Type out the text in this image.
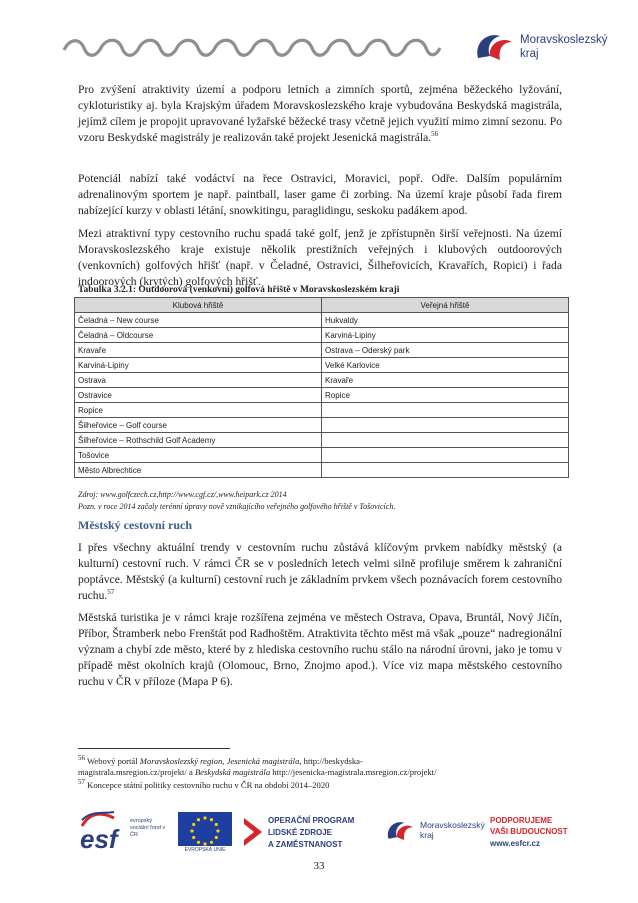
Moravskoslezský kraj

Pro zvýšení atraktivity území a podporu letních a zimních sportů, zejména běžeckého lyžování, cykloturistiky aj. byla Krajským úřadem Moravskoslezského kraje vybudována Beskydská magistrála, jejímž cílem je propojit upravované lyžařské běžecké trasy včetně jejich využití mimo zimní sezonu. Po vzoru Beskydské magistrály je realizován také projekt Jesenická magistrála.$^{56}$

Potenciál nabízí také vodáctví na řece Ostravici, Moravici, popř. Odře. Dalším populárním adrenalinovým sportem je např. paintball, laser game či zorbing. Na území kraje působí řada firem nabízející kurzy v oblasti létání, snowkitingu, paraglidingu, seskoku padákem apod.

Mezi atraktivní typy cestovního ruchu spadá také golf, jenž je zpřístupněn širší veřejnosti. Na území Moravskoslezského kraje existuje několik prestižních veřejných i klubových outdoorových (venkovních) golfových hřišť (např. v Čeladné, Ostravici, Šilheřovicích, Kravařích, Ropici) i řada indoorových (krytých) golfových hřišť.

Tabulka 3.2.1: Outdoorová (venkovní) golfová hřiště v Moravskoslezském kraji
Klubová hřiště	Veřejná hřiště
Čeladná – New course	Hukvaldy
Čeladná – Oldcourse	Karviná-Lipiny
Kravaře	Ostrava – Oderský park
Karviná-Lipiny	Velké Karlovice
Ostrava	Kravaře
Ostravice	Ropice
Ropice	
Šilheřovice – Golf course	
Šilheřovice – Rothschild Golf Academy	
Tošovice	
Město Albrechtice	
Zdroj: www.golfczech.cz,http://www.cgf.cz/,www.heipark.cz 2014
Pozn. v roce 2014 začaly terénní úpravy nově vznikajícího veřejného golfového hřiště v Tošovicích.
Městský cestovní ruch

I přes všechny aktuální trendy v cestovním ruchu zůstává klíčovým prvkem nabídky městský (a kulturní) cestovní ruch. V rámci ČR se v posledních letech velmi silně profiluje směrem k zahraniční poptávce. Městský (a kulturní) cestovní ruch je základním prvkem všech poznávacích forem cestovního ruchu.$^{57}$

Městská turistika je v rámci kraje rozšířena zejména ve městech Ostrava, Opava, Bruntál, Nový Jičín, Příbor, Štramberk nebo Frenštát pod Radhoštěm. Atraktivita těchto měst má však „pouze“ nadregionální význam a chybí zde město, které by z hlediska cestovního ruchu stálo na národní úrovni, jako je tomu v případě měst okolních krajů (Olomouc, Brno, Znojmo apod.). Více viz mapa městského cestovního ruchu v ČR v příloze (Mapa P 6).

$^{56}$ Webový portál Moravskoslezský region, Jesenická magistrála, http://beskydska-
magistrala.msregion.cz/projekt/ a Beskydská magistrála http://jesenicka-magistrala.msregion.cz/projekt/
$^{57}$ Koncepce státní politiky cestovního ruchu v ČR na období 2014–2020
esf
evropský sociální fond v ČR
EVROPSKÁ UNIE
OPERAČNÍ PROGRAM
LIDSKÉ ZDROJE
A ZAMĚSTNANOST
Moravskoslezský kraj
PODPORUJEME
VAŠI BUDOUCNOST
www.esfcr.cz
33
